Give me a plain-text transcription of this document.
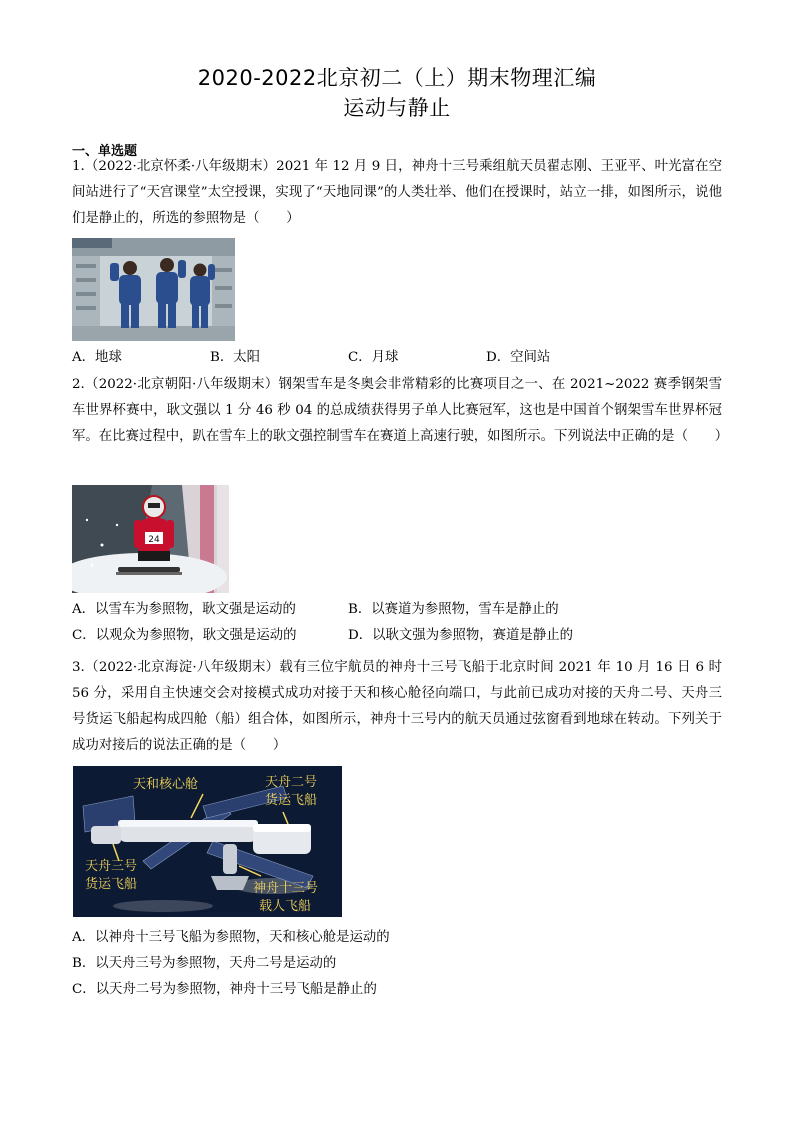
2020-2022北京初二（上）期末物理汇编
运动与静止
一、单选题

1.（2022·北京怀柔·八年级期末）2021 年 12 月 9 日，神舟十三号乘组航天员翟志刚、王亚平、叶光富在空间站进行了“天宫课堂”太空授课，实现了“天地同课”的人类壮举、他们在授课时，站立一排，如图所示，说他们是静止的，所选的参照物是（　　）

A．地球	B．太阳	C．月球	D．空间站

2.（2022·北京朝阳·八年级期末）钢架雪车是冬奥会非常精彩的比赛项目之一、在 2021~2022 赛季钢架雪车世界杯赛中，耿文强以 1 分 46 秒 04 的总成绩获得男子单人比赛冠军，这也是中国首个钢架雪车世界杯冠军。在比赛过程中，趴在雪车上的耿文强控制雪车在赛道上高速行驶，如图所示。下列说法中正确的是（　　）

24
A．以雪车为参照物，耿文强是运动的	B．以赛道为参照物，雪车是静止的
C．以观众为参照物，耿文强是运动的	D．以耿文强为参照物，赛道是静止的

3.（2022·北京海淀·八年级期末）载有三位宇航员的神舟十三号飞船于北京时间 2021 年 10 月 16 日 6 时 56 分，采用自主快速交会对接模式成功对接于天和核心舱径向端口，与此前已成功对接的天舟二号、天舟三号货运飞船起构成四舱（船）组合体，如图所示，神舟十三号内的航天员通过弦窗看到地球在转动。下列关于成功对接后的说法正确的是（　　）

天和核心舱	天舟二号
货运飞船
天舟三号
货运飞船	神舟十三号
载人飞船
A．以神舟十三号飞船为参照物，天和核心舱是运动的
B．以天舟三号为参照物，天舟二号是运动的
C．以天舟二号为参照物，神舟十三号飞船是静止的
